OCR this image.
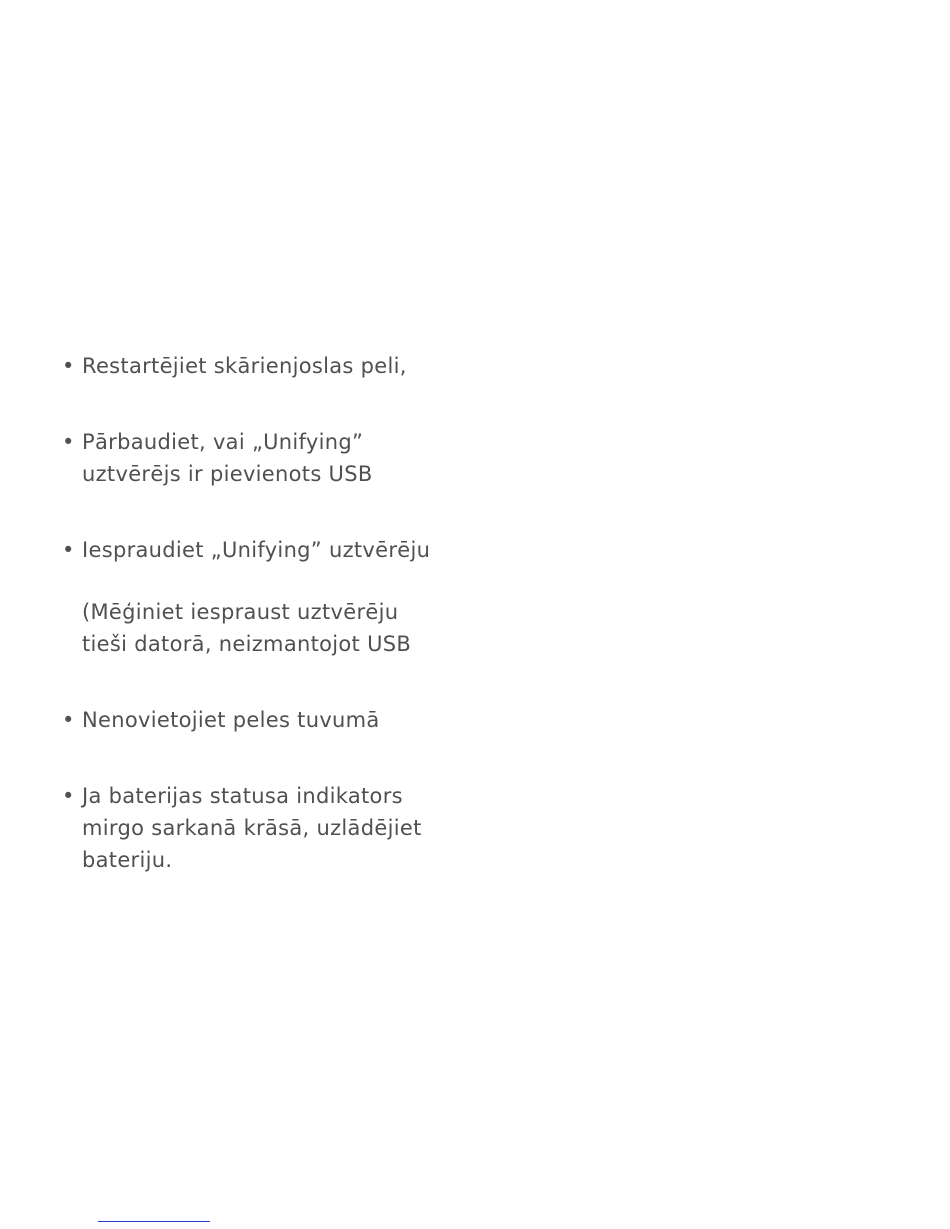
• Restartējiet skārienjoslas peli,
• Pārbaudiet, vai „Unifying”
uztvērējs ir pievienots USB
• Iespraudiet „Unifying” uztvērēju
(Mēģiniet iespraust uztvērēju
tieši datorā, neizmantojot USB
• Nenovietojiet peles tuvumā
• Ja baterijas statusa indikators
mirgo sarkanā krāsā, uzlādējiet
bateriju.
